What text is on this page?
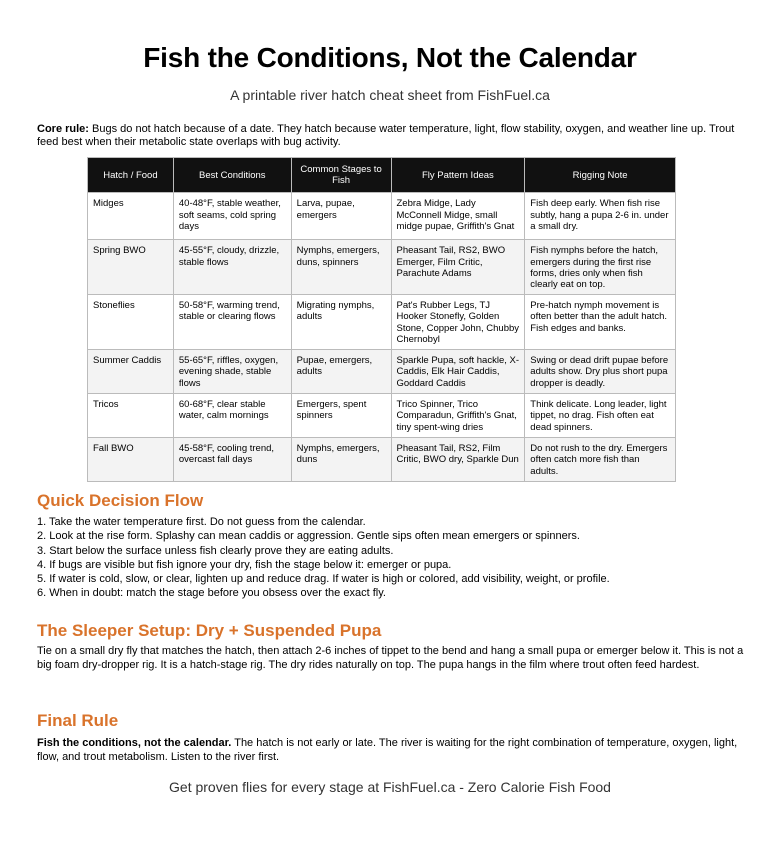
Fish the Conditions, Not the Calendar
A printable river hatch cheat sheet from FishFuel.ca
Core rule: Bugs do not hatch because of a date. They hatch because water temperature, light, flow stability, oxygen, and weather line up. Trout feed best when their metabolic state overlaps with bug activity.
Hatch / Food	Best Conditions	Common Stages to Fish	Fly Pattern Ideas	Rigging Note
Midges	40-48°F, stable weather, soft seams, cold spring days	Larva, pupae, emergers	Zebra Midge, Lady McConnell Midge, small midge pupae, Griffith's Gnat	Fish deep early. When fish rise subtly, hang a pupa 2-6 in. under a small dry.
Spring BWO	45-55°F, cloudy, drizzle, stable flows	Nymphs, emergers, duns, spinners	Pheasant Tail, RS2, BWO Emerger, Film Critic, Parachute Adams	Fish nymphs before the hatch, emergers during the first rise forms, dries only when fish clearly eat on top.
Stoneflies	50-58°F, warming trend, stable or clearing flows	Migrating nymphs, adults	Pat's Rubber Legs, TJ Hooker Stonefly, Golden Stone, Copper John, Chubby Chernobyl	Pre-hatch nymph movement is often better than the adult hatch. Fish edges and banks.
Summer Caddis	55-65°F, riffles, oxygen, evening shade, stable flows	Pupae, emergers, adults	Sparkle Pupa, soft hackle, X-Caddis, Elk Hair Caddis, Goddard Caddis	Swing or dead drift pupae before adults show. Dry plus short pupa dropper is deadly.
Tricos	60-68°F, clear stable water, calm mornings	Emergers, spent spinners	Trico Spinner, Trico Comparadun, Griffith's Gnat, tiny spent-wing dries	Think delicate. Long leader, light tippet, no drag. Fish often eat dead spinners.
Fall BWO	45-58°F, cooling trend, overcast fall days	Nymphs, emergers, duns	Pheasant Tail, RS2, Film Critic, BWO dry, Sparkle Dun	Do not rush to the dry. Emergers often catch more fish than adults.
Quick Decision Flow
1. Take the water temperature first. Do not guess from the calendar.
2. Look at the rise form. Splashy can mean caddis or aggression. Gentle sips often mean emergers or spinners.
3. Start below the surface unless fish clearly prove they are eating adults.
4. If bugs are visible but fish ignore your dry, fish the stage below it: emerger or pupa.
5. If water is cold, slow, or clear, lighten up and reduce drag. If water is high or colored, add visibility, weight, or profile.
6. When in doubt: match the stage before you obsess over the exact fly.
The Sleeper Setup: Dry + Suspended Pupa

Tie on a small dry fly that matches the hatch, then attach 2-6 inches of tippet to the bend and hang a small pupa or emerger below it. This is not a big foam dry-dropper rig. It is a hatch-stage rig. The dry rides naturally on top. The pupa hangs in the film where trout often feed hardest.

Final Rule

Fish the conditions, not the calendar. The hatch is not early or late. The river is waiting for the right combination of temperature, oxygen, light, flow, and trout metabolism. Listen to the river first.

Get proven flies for every stage at FishFuel.ca - Zero Calorie Fish Food
